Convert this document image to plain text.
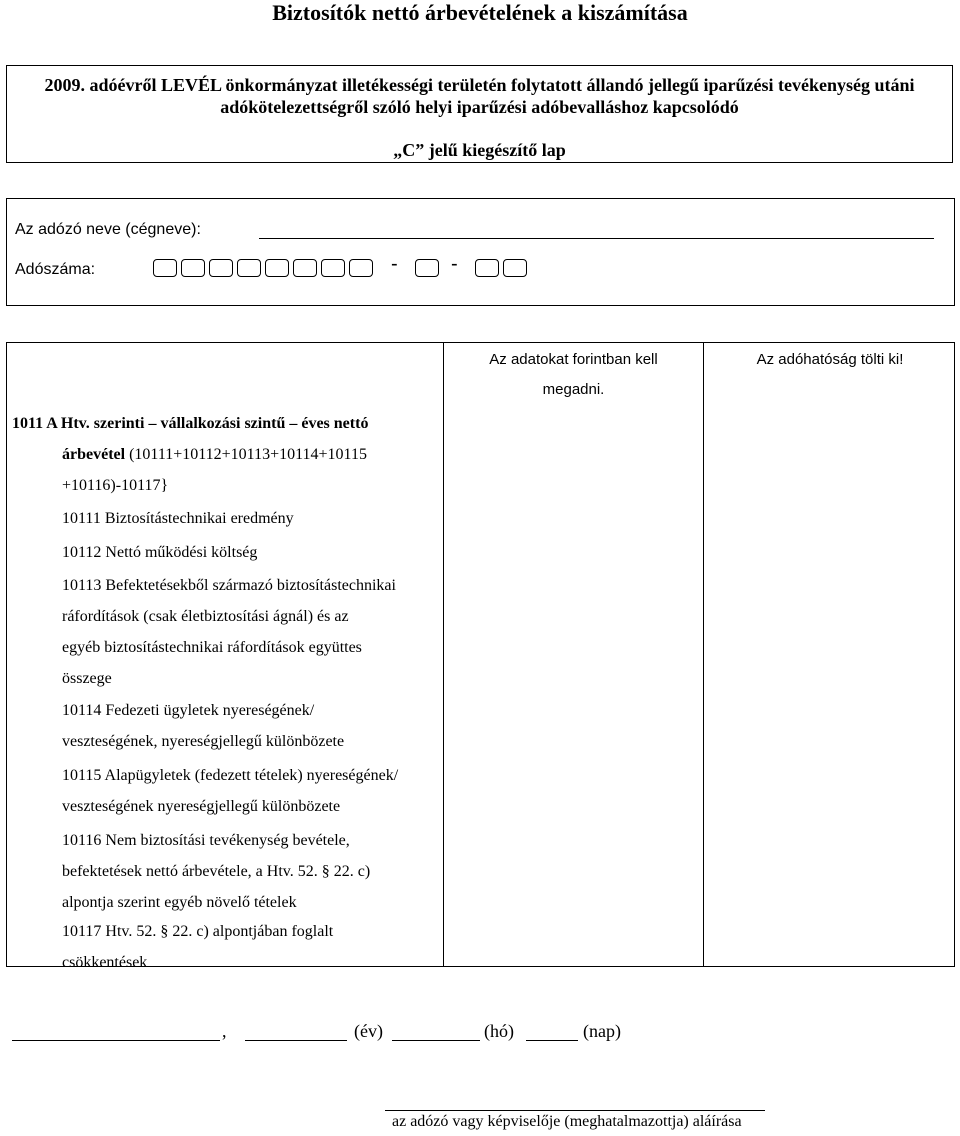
Biztosítók nettó árbevételének a kiszámítása
2009. adóévről LEVÉL önkormányzat illetékességi területén folytatott állandó jellegű iparűzési tevékenység utáni
adókötelezettségről szóló helyi iparűzési adóbevalláshoz kapcsolódó
„C” jelű kiegészítő lap
Az adózó neve (cégneve):
Adószáma:	-	-
Az adatokat forintban kell
megadni.
Az adóhatóság tölti ki!
1011 A Htv. szerinti – vállalkozási szintű – éves nettó
árbevétel (10111+10112+10113+10114+10115
+10116)-10117}
10111 Biztosítástechnikai eredmény
10112 Nettó működési költség
10113 Befektetésekből származó biztosítástechnikai
ráfordítások (csak életbiztosítási ágnál) és az
egyéb biztosítástechnikai ráfordítások együttes
összege
10114 Fedezeti ügyletek nyereségének/
veszteségének, nyereségjellegű különbözete
10115 Alapügyletek (fedezett tételek) nyereségének/
veszteségének nyereségjellegű különbözete
10116 Nem biztosítási tevékenység bevétele,
befektetések nettó árbevétele, a Htv. 52. § 22. c)
alpontja szerint egyéb növelő tételek
10117 Htv. 52. § 22. c) alpontjában foglalt
csökkentések
,	(év)	(hó)	(nap)
az adózó vagy képviselője (meghatalmazottja) aláírása
